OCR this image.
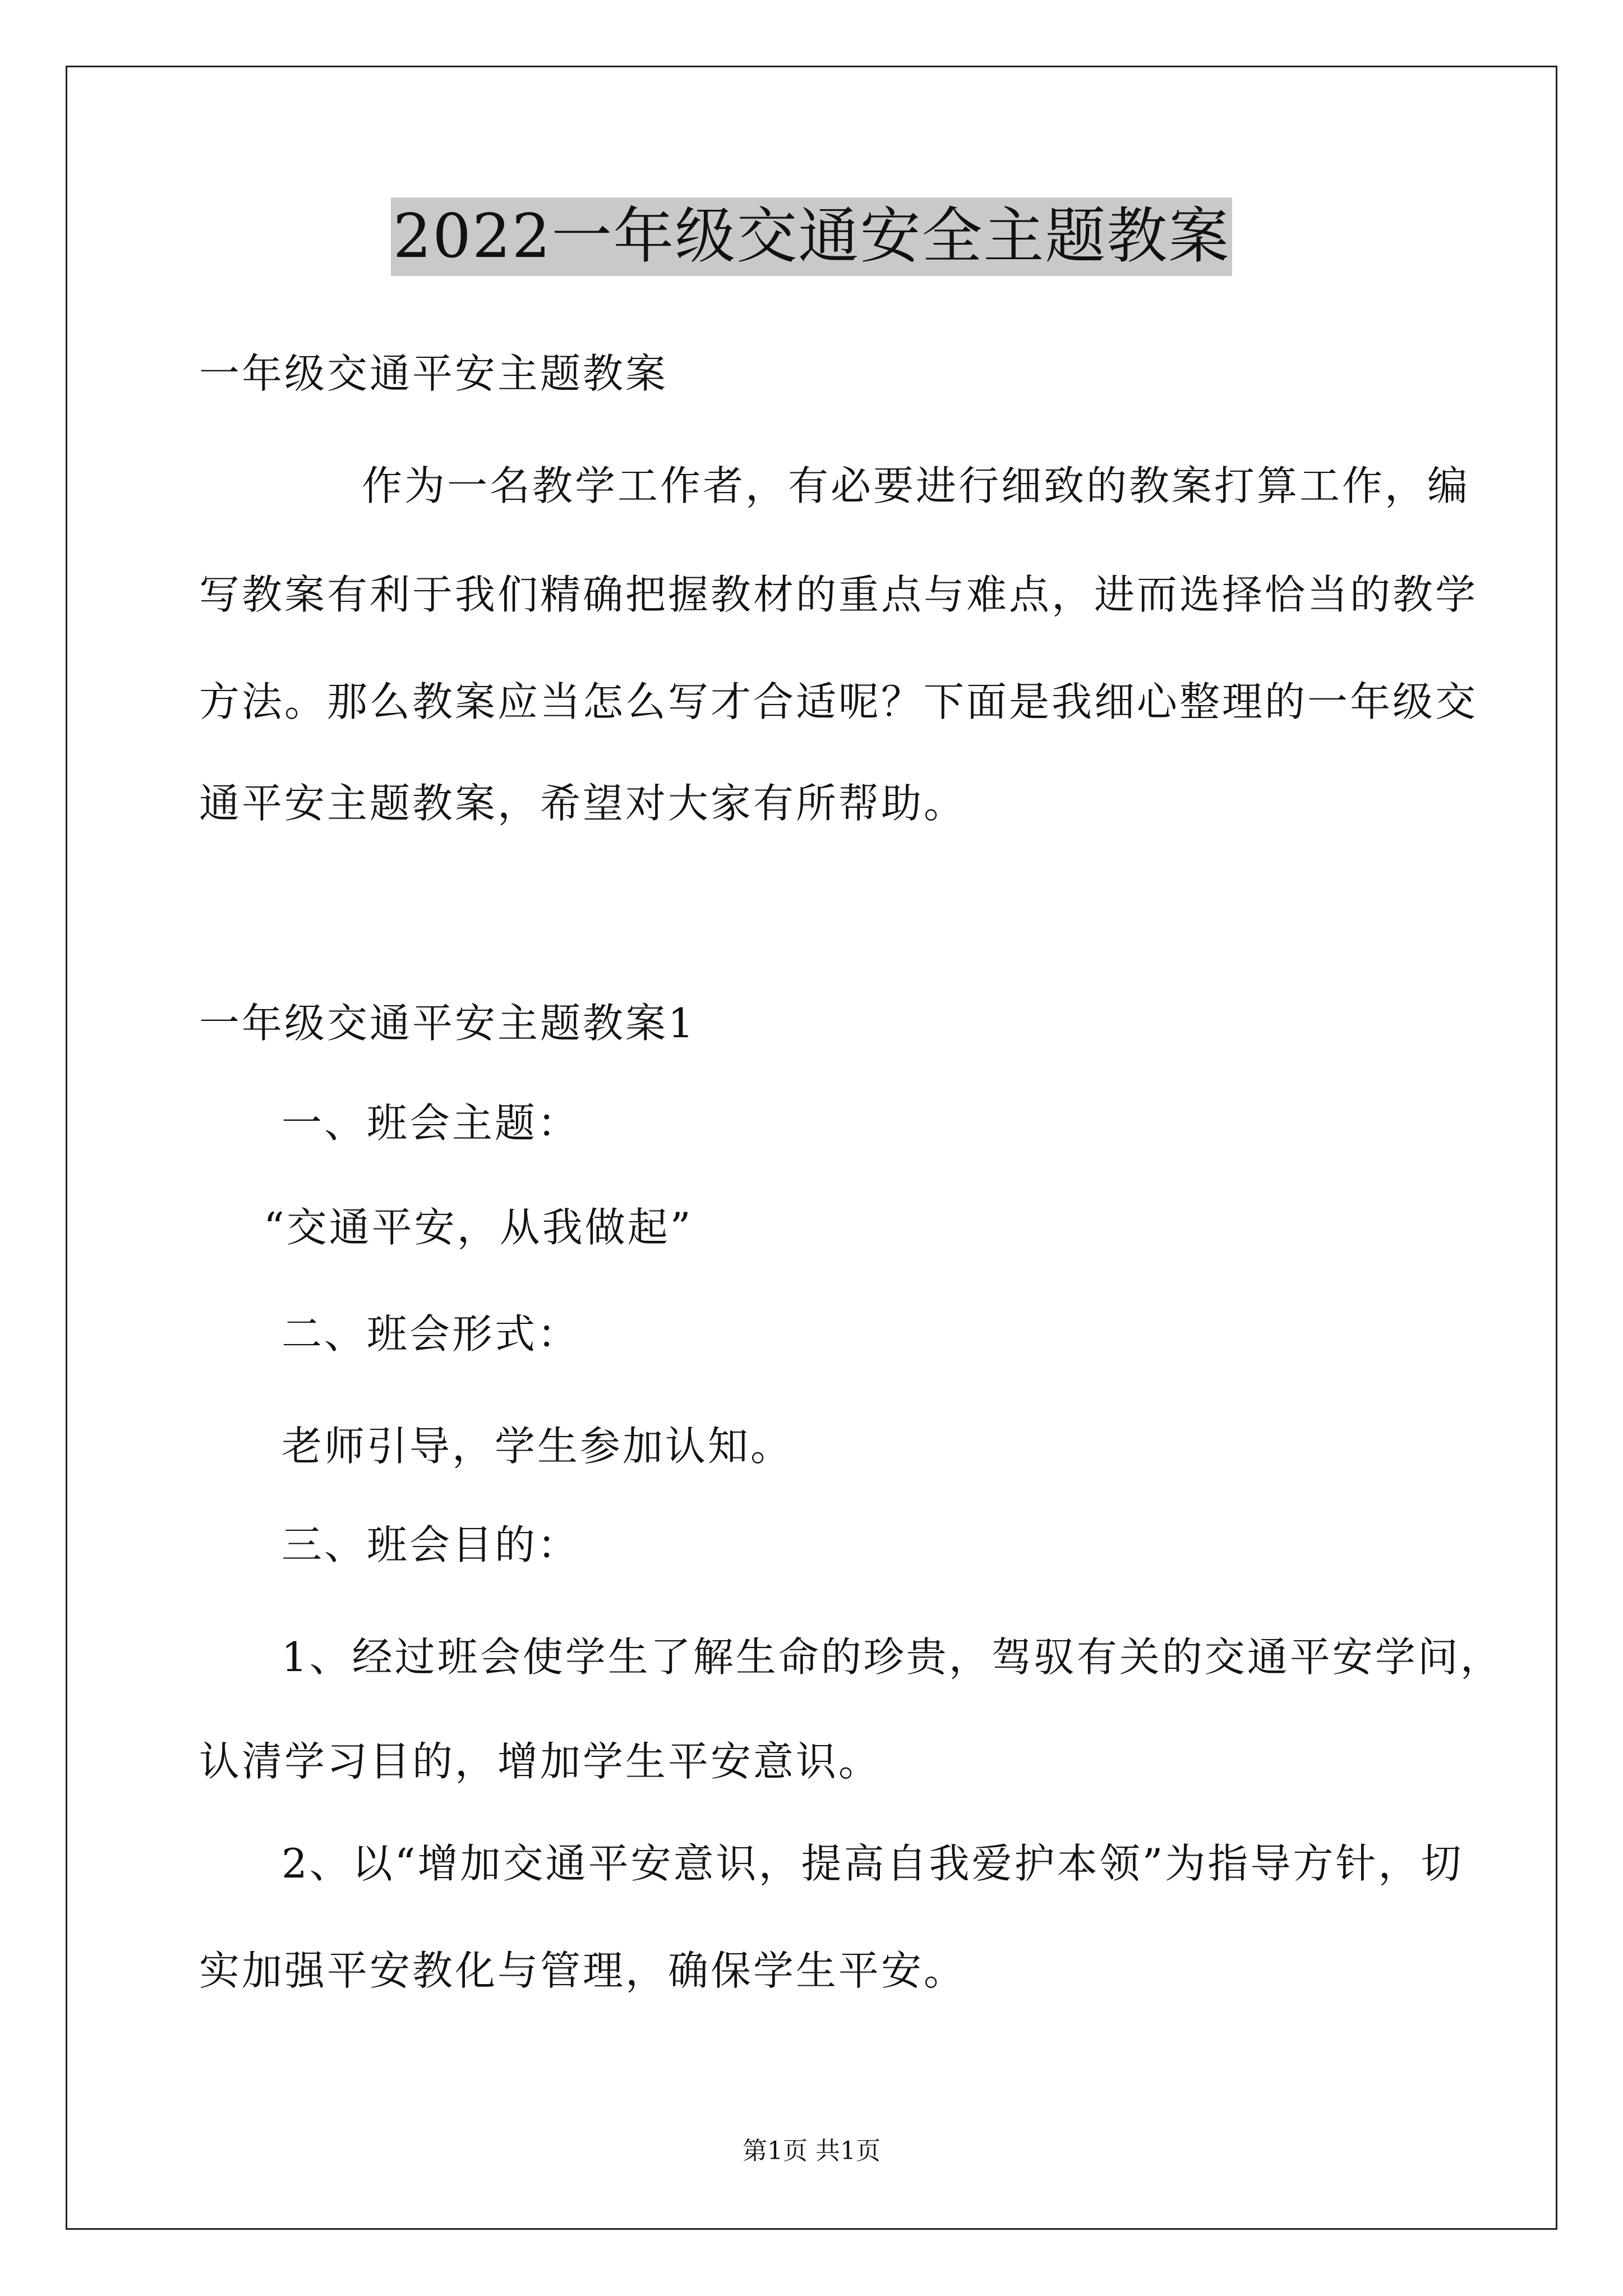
2022一年级交通安全主题教案
一年级交通平安主题教案
作为一名教学工作者，有必要进行细致的教案打算工作，编
写教案有利于我们精确把握教材的重点与难点，进而选择恰当的教学
方法。那么教案应当怎么写才合适呢？下面是我细心整理的一年级交
通平安主题教案，希望对大家有所帮助。
一年级交通平安主题教案1
一、班会主题：
“交通平安，从我做起”
二、班会形式：
老师引导，学生参加认知。
三、班会目的：
1、经过班会使学生了解生命的珍贵，驾驭有关的交通平安学问，
认清学习目的，增加学生平安意识。
2、以“增加交通平安意识，提高自我爱护本领”为指导方针，切
实加强平安教化与管理，确保学生平安。
第1页 共1页
